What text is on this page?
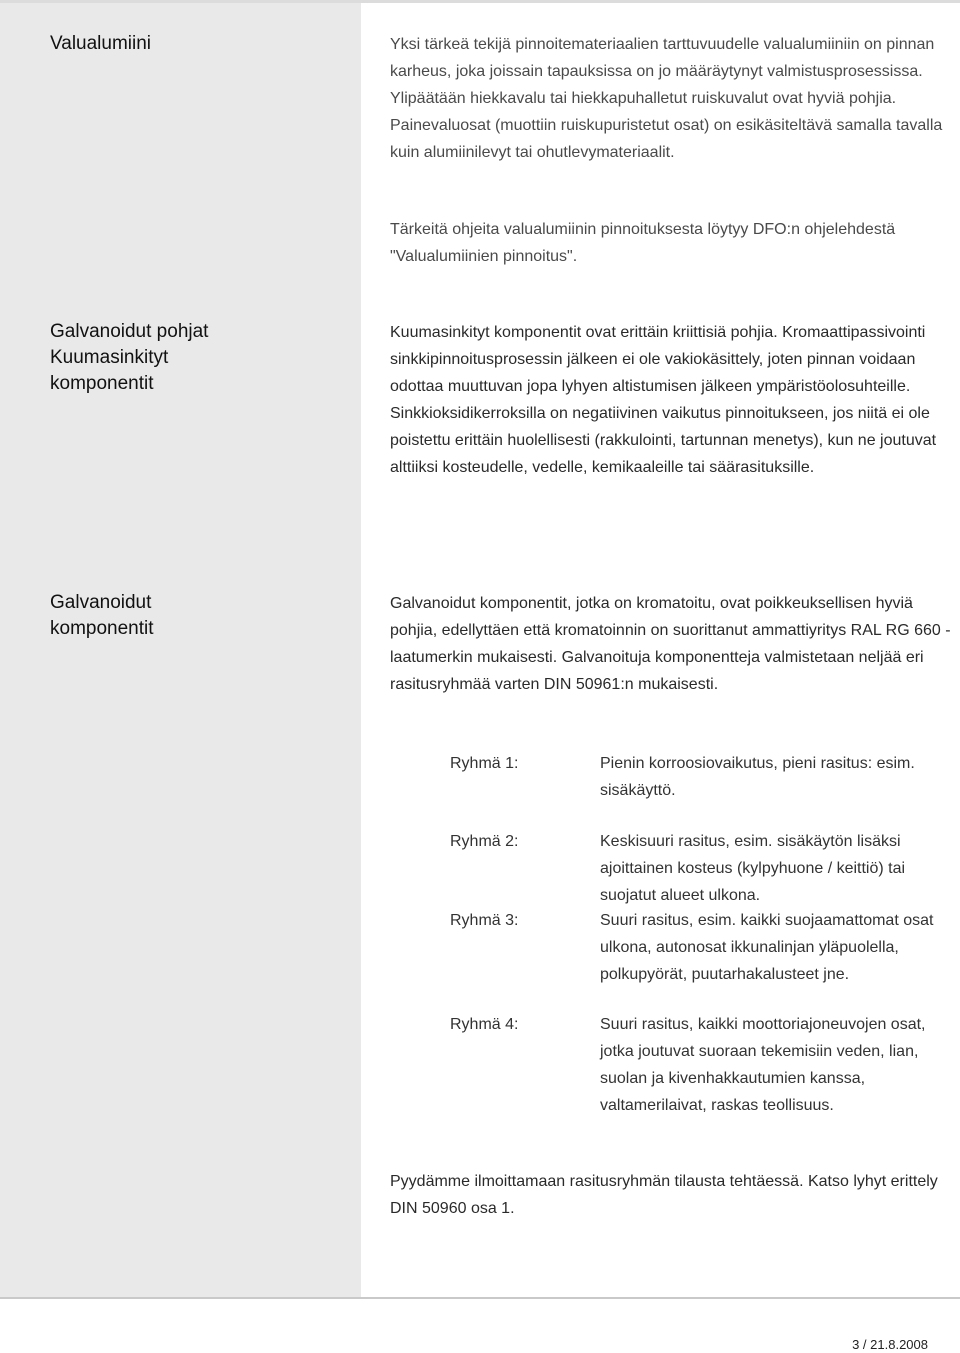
Valualumiini	Yksi tärkeä tekijä pinnoitemateriaalien tarttuvuudelle valualumiiniin on pinnan karheus, joka joissain tapauksissa on jo määräytynyt valmistusprosessissa. Ylipäätään hiekkavalu tai hiekkapuhalletut ruiskuvalut ovat hyviä pohjia. Painevaluosat (muottiin ruiskupuristetut osat) on esikäsiteltävä samalla tavalla kuin alumiinilevyt tai ohutlevymateriaalit.

Tärkeitä ohjeita valualumiinin pinnoituksesta löytyy DFO:n ohjelehdestä "Valualumiinien pinnoitus".

Galvanoidut pohjat
Kuumasinkityt
komponentit

Kuumasinkityt komponentit ovat erittäin kriittisiä pohjia. Kromaattipassivointi sinkkipinnoitusprosessin jälkeen ei ole vakiokäsittely, joten pinnan voidaan odottaa muuttuvan jopa lyhyen altistumisen jälkeen ympäristöolosuhteille. Sinkkioksidikerroksilla on negatiivinen vaikutus pinnoitukseen, jos niitä ei ole poistettu erittäin huolellisesti (rakkulointi, tartunnan menetys), kun ne joutuvat alttiiksi kosteudelle, vedelle, kemikaaleille tai säärasituksille.

Galvanoidut
komponentit

Galvanoidut komponentit, jotka on kromatoitu, ovat poikkeuksellisen hyviä pohjia, edellyttäen että kromatoinnin on suorittanut ammattiyritys RAL RG 660 -laatumerkin mukaisesti. Galvanoituja komponentteja valmistetaan neljää eri rasitusryhmää varten DIN 50961:n mukaisesti.

Ryhmä 1:	Pienin korroosiovaikutus, pieni rasitus: esim. sisäkäyttö.
Ryhmä 2:	Keskisuuri rasitus, esim. sisäkäytön lisäksi ajoittainen kosteus (kylpyhuone / keittiö) tai suojatut alueet ulkona.
Ryhmä 3:	Suuri rasitus, esim. kaikki suojaamattomat osat ulkona, autonosat ikkunalinjan yläpuolella, polkupyörät, puutarhakalusteet jne.
Ryhmä 4:	Suuri rasitus, kaikki moottoriajoneuvojen osat, jotka joutuvat suoraan tekemisiin veden, lian, suolan ja kivenhakkautumien kanssa, valtamerilaivat, raskas teollisuus.

Pyydämme ilmoittamaan rasitusryhmän tilausta tehtäessä. Katso lyhyt erittely DIN 50960 osa 1.

3 / 21.8.2008
